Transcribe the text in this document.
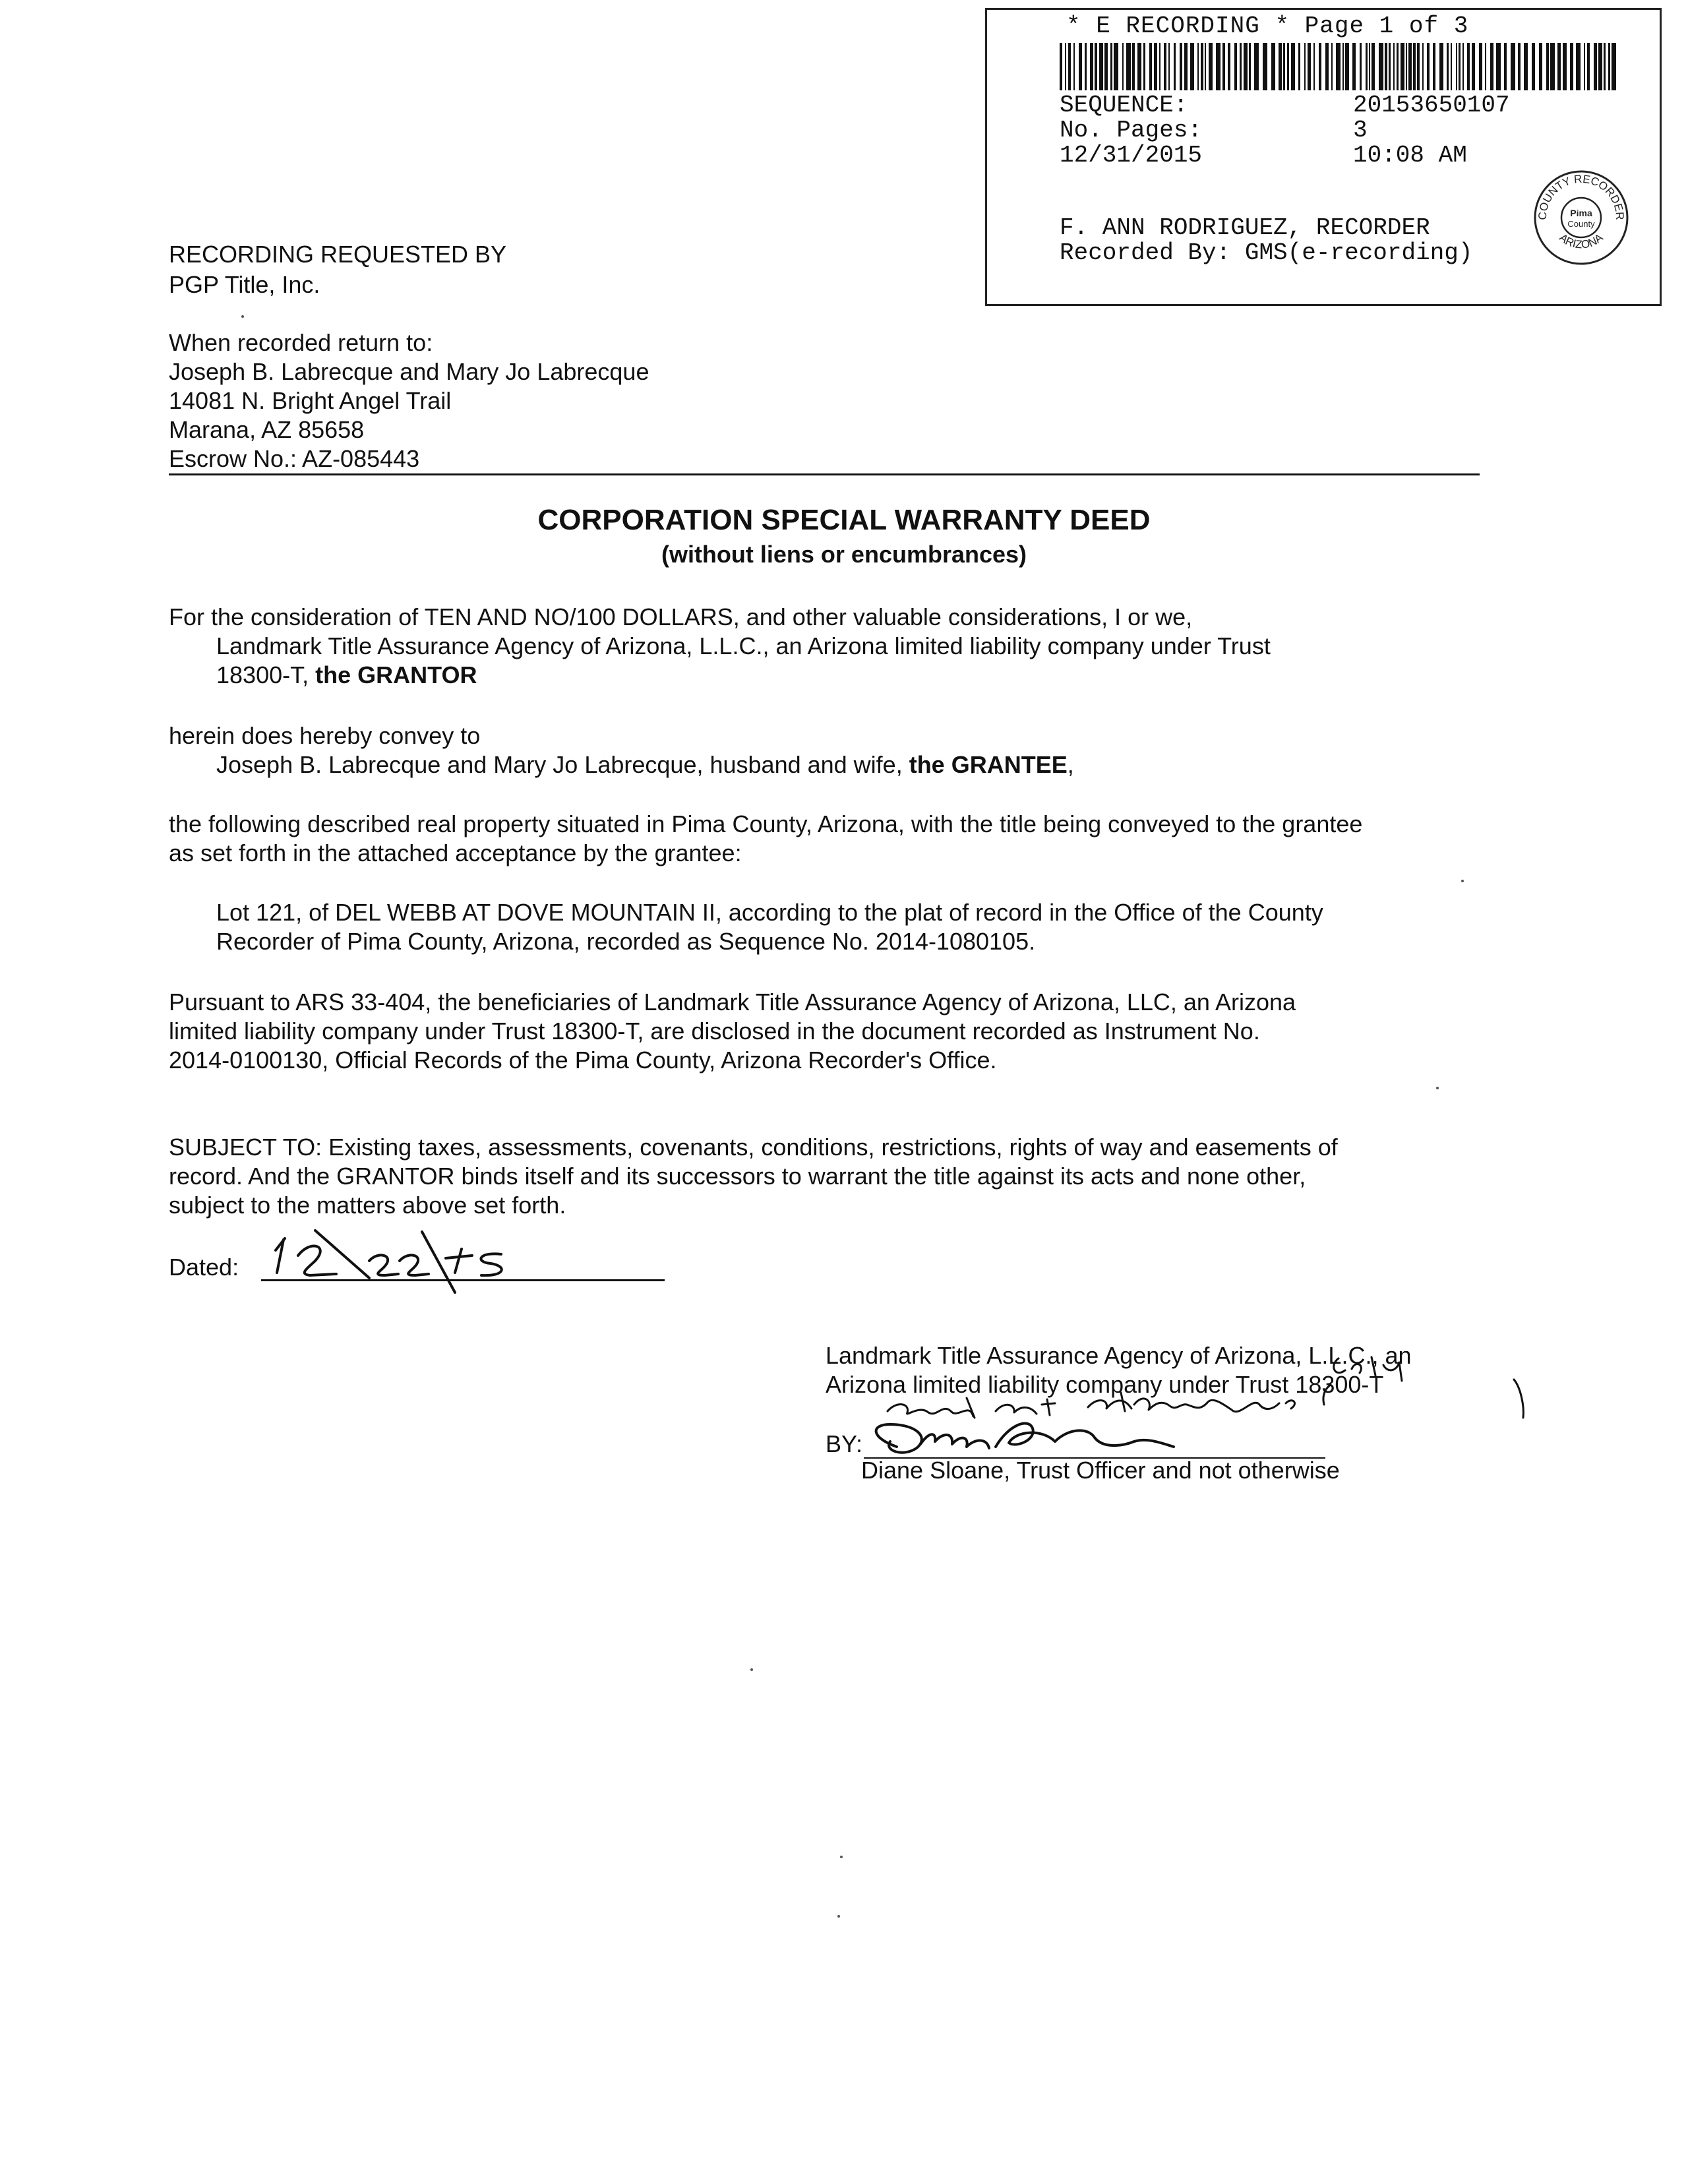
* E RECORDING * Page 1 of 3
SEQUENCE:	20153650107
No. Pages:	3
12/31/2015	10:08 AM
F. ANN RODRIGUEZ, RECORDER
Recorded By: GMS(e-recording)
COUNTY RECORDER
ARIZONA
Pima
County
RECORDING REQUESTED BY
PGP Title, Inc.
When recorded return to:
Joseph B. Labrecque and Mary Jo Labrecque
14081 N. Bright Angel Trail
Marana, AZ 85658
Escrow No.: AZ-085443
CORPORATION SPECIAL WARRANTY DEED
(without liens or encumbrances)
For the consideration of TEN AND NO/100 DOLLARS, and other valuable considerations, I or we,
Landmark Title Assurance Agency of Arizona, L.L.C., an Arizona limited liability company under Trust
18300-T, the GRANTOR
herein does hereby convey to
Joseph B. Labrecque and Mary Jo Labrecque, husband and wife, the GRANTEE,
the following described real property situated in Pima County, Arizona, with the title being conveyed to the grantee
as set forth in the attached acceptance by the grantee:
Lot 121, of DEL WEBB AT DOVE MOUNTAIN II, according to the plat of record in the Office of the County
Recorder of Pima County, Arizona, recorded as Sequence No. 2014-1080105.
Pursuant to ARS 33-404, the beneficiaries of Landmark Title Assurance Agency of Arizona, LLC, an Arizona
limited liability company under Trust 18300-T, are disclosed in the document recorded as Instrument No.
2014-0100130, Official Records of the Pima County, Arizona Recorder's Office.
SUBJECT TO: Existing taxes, assessments, covenants, conditions, restrictions, rights of way and easements of
record. And the GRANTOR binds itself and its successors to warrant the title against its acts and none other,
subject to the matters above set forth.
Dated:
Landmark Title Assurance Agency of Arizona, L.L.C., an
Arizona limited liability company under Trust 18300-T
BY:
Diane Sloane, Trust Officer and not otherwise
